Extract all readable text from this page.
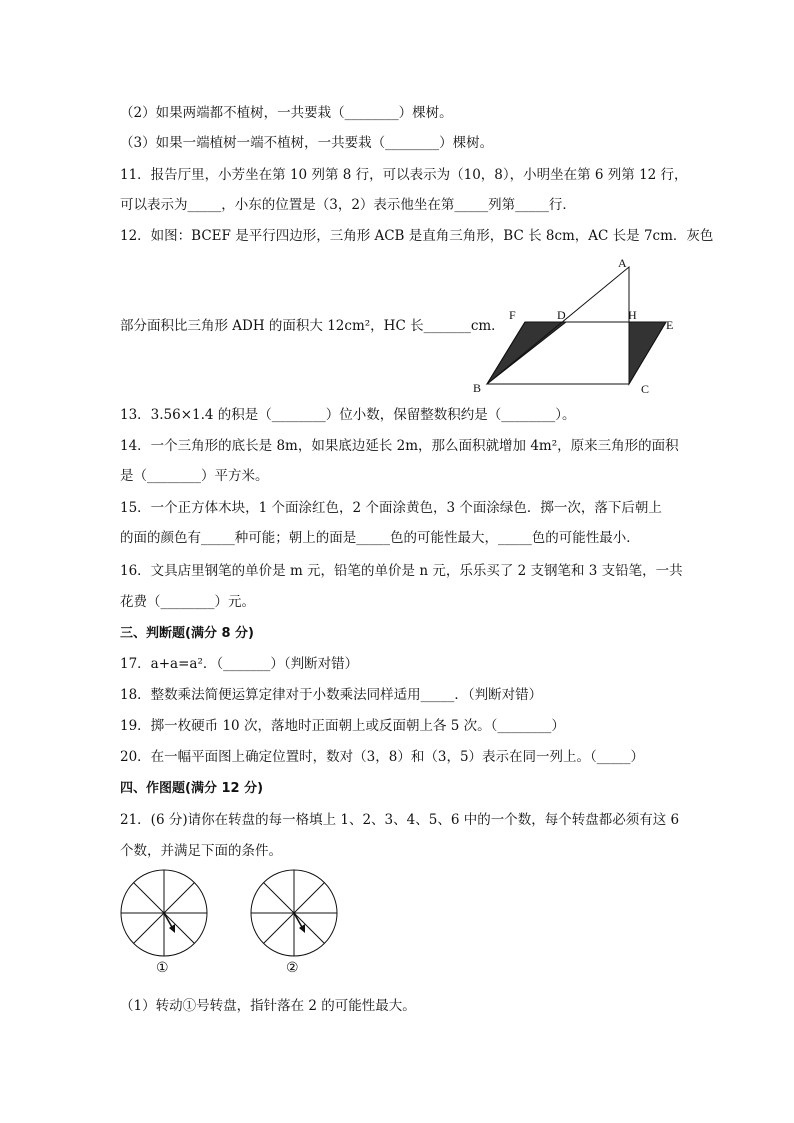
（2）如果两端都不植树，一共要栽（________）棵树。
（3）如果一端植树一端不植树，一共要栽（________）棵树。
11．报告厅里，小芳坐在第 10 列第 8 行，可以表示为（10，8），小明坐在第 6 列第 12 行，
可以表示为_____，小东的位置是（3，2）表示他坐在第_____列第_____行．
12．如图：BCEF 是平行四边形，三角形 ACB 是直角三角形，BC 长 8cm，AC 长是 7cm．灰色
部分面积比三角形 ADH 的面积大 12cm²，HC 长_______cm．
A
F	D	H
E
B	C
13．3.56×1.4 的积是（________）位小数，保留整数积约是（________）。
14．一个三角形的底长是 8m，如果底边延长 2m，那么面积就增加 4m²，原来三角形的面积
是（________）平方米。
15．一个正方体木块，1 个面涂红色，2 个面涂黄色，3 个面涂绿色．掷一次，落下后朝上
的面的颜色有_____种可能；朝上的面是_____色的可能性最大，_____色的可能性最小．
16．文具店里钢笔的单价是 m 元，铅笔的单价是 n 元，乐乐买了 2 支钢笔和 3 支铅笔，一共
花费（________）元。
三、判断题(满分 8 分)
17．a+a=a²．（_______）（判断对错）
18．整数乘法简便运算定律对于小数乘法同样适用_____．（判断对错）
19．掷一枚硬币 10 次，落地时正面朝上或反面朝上各 5 次。（________）
20．在一幅平面图上确定位置时，数对（3，8）和（3，5）表示在同一列上。（_____）
四、作图题(满分 12 分)
21．(6 分)请你在转盘的每一格填上 1、2、3、4、5、6 中的一个数，每个转盘都必须有这 6
个数，并满足下面的条件。
①	②
（1）转动①号转盘，指针落在 2 的可能性最大。
